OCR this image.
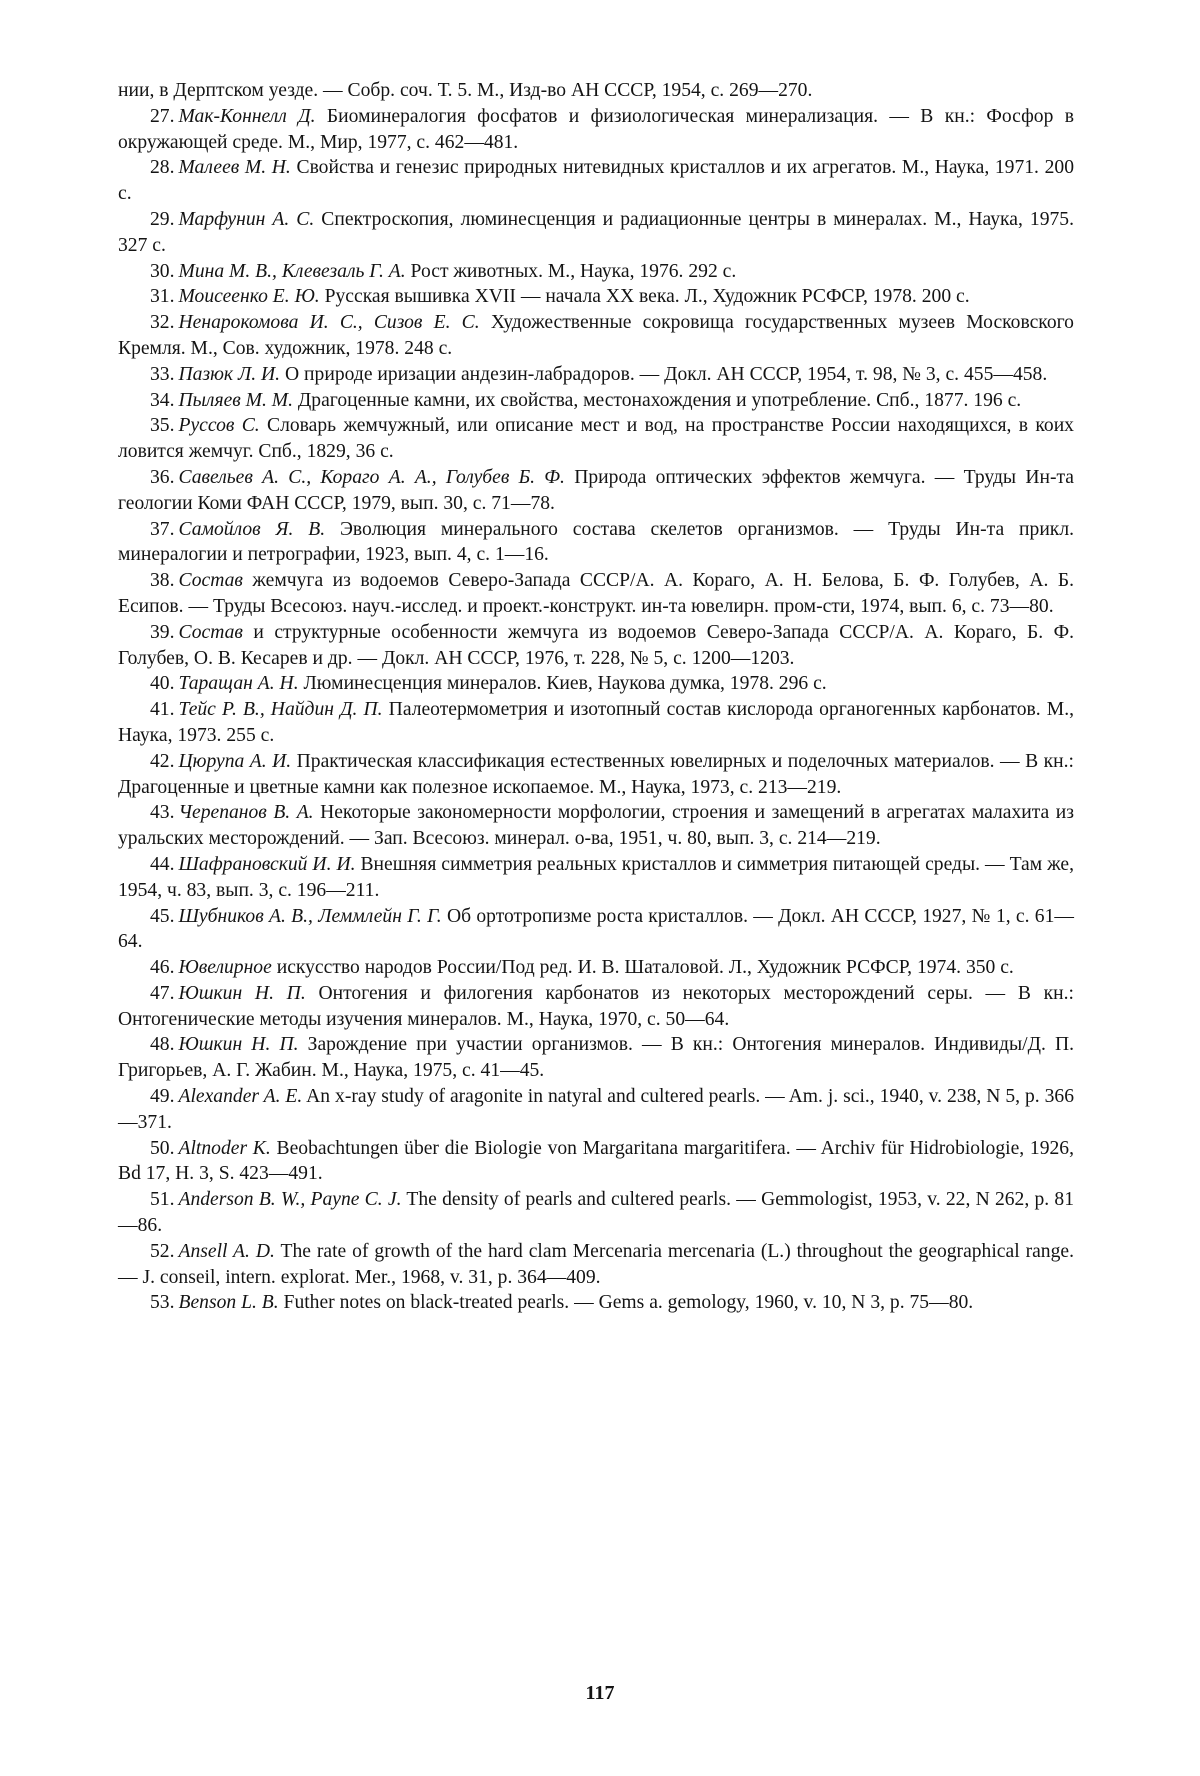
нии, в Дерптском уезде. — Собр. соч. Т. 5. М., Изд-во АН СССР, 1954, с. 269—270.

27. Мак-Коннелл Д. Биоминералогия фосфатов и физиологическая минерализация. — В кн.: Фосфор в окружающей среде. М., Мир, 1977, с. 462—481.

28. Малеев М. Н. Свойства и генезис природных нитевидных кристаллов и их агрегатов. М., Наука, 1971. 200 с.

29. Марфунин А. С. Спектроскопия, люминесценция и радиационные центры в минералах. М., Наука, 1975. 327 с.

30. Мина М. В., Клевезаль Г. А. Рост животных. М., Наука, 1976. 292 с.

31. Моисеенко Е. Ю. Русская вышивка XVII — начала XX века. Л., Художник РСФСР, 1978. 200 с.

32. Ненарокомова И. С., Сизов Е. С. Художественные сокровища государственных музеев Московского Кремля. М., Сов. художник, 1978. 248 с.

33. Пазюк Л. И. О природе иризации андезин-лабрадоров. — Докл. АН СССР, 1954, т. 98, № 3, с. 455—458.

34. Пыляев М. М. Драгоценные камни, их свойства, местонахождения и употребление. Спб., 1877. 196 с.

35. Руссов С. Словарь жемчужный, или описание мест и вод, на пространстве России находящихся, в коих ловится жемчуг. Спб., 1829, 36 с.

36. Савельев А. С., Кораго А. А., Голубев Б. Ф. Природа оптических эффектов жемчуга. — Труды Ин-та геологии Коми ФАН СССР, 1979, вып. 30, с. 71—78.

37. Самойлов Я. В. Эволюция минерального состава скелетов организмов. — Труды Ин-та прикл. минералогии и петрографии, 1923, вып. 4, с. 1—16.

38. Состав жемчуга из водоемов Северо-Запада СССР/А. А. Кораго, А. Н. Белова, Б. Ф. Голубев, А. Б. Есипов. — Труды Всесоюз. науч.-исслед. и проект.-конструкт. ин-та ювелирн. пром-сти, 1974, вып. 6, с. 73—80.

39. Состав и структурные особенности жемчуга из водоемов Северо-Запада СССР/А. А. Кораго, Б. Ф. Голубев, О. В. Кесарев и др. — Докл. АН СССР, 1976, т. 228, № 5, с. 1200—1203.

40. Таращан А. Н. Люминесценция минералов. Киев, Наукова думка, 1978. 296 с.

41. Тейс Р. В., Найдин Д. П. Палеотермометрия и изотопный состав кислорода органогенных карбонатов. М., Наука, 1973. 255 с.

42. Цюрупа А. И. Практическая классификация естественных ювелирных и поделочных материалов. — В кн.: Драгоценные и цветные камни как полезное ископаемое. М., Наука, 1973, с. 213—219.

43. Черепанов В. А. Некоторые закономерности морфологии, строения и замещений в агрегатах малахита из уральских месторождений. — Зап. Всесоюз. минерал. о-ва, 1951, ч. 80, вып. 3, с. 214—219.

44. Шафрановский И. И. Внешняя симметрия реальных кристаллов и симметрия питающей среды. — Там же, 1954, ч. 83, вып. 3, с. 196—211.

45. Шубников А. В., Леммлейн Г. Г. Об ортотропизме роста кристаллов. — Докл. АН СССР, 1927, № 1, с. 61—64.

46. Ювелирное искусство народов России/Под ред. И. В. Шаталовой. Л., Художник РСФСР, 1974. 350 с.

47. Юшкин Н. П. Онтогения и филогения карбонатов из некоторых месторождений серы. — В кн.: Онтогенические методы изучения минералов. М., Наука, 1970, с. 50—64.

48. Юшкин Н. П. Зарождение при участии организмов. — В кн.: Онтогения минералов. Индивиды/Д. П. Григорьев, А. Г. Жабин. М., Наука, 1975, с. 41—45.

49. Alexander A. E. An x-ray study of aragonite in natyral and cultered pearls. — Am. j. sci., 1940, v. 238, N 5, p. 366—371.

50. Altnoder K. Beobachtungen über die Biologie von Margaritana margaritifera. — Archiv für Hidrobiologie, 1926, Bd 17, H. 3, S. 423—491.

51. Anderson B. W., Payne C. J. The density of pearls and cultered pearls. — Gemmologist, 1953, v. 22, N 262, p. 81—86.

52. Ansell A. D. The rate of growth of the hard clam Mercenaria mercenaria (L.) throughout the geographical range. — J. conseil, intern. explorat. Mer., 1968, v. 31, p. 364—409.

53. Benson L. B. Futher notes on black-treated pearls. — Gems a. gemology, 1960, v. 10, N 3, p. 75—80.

117
